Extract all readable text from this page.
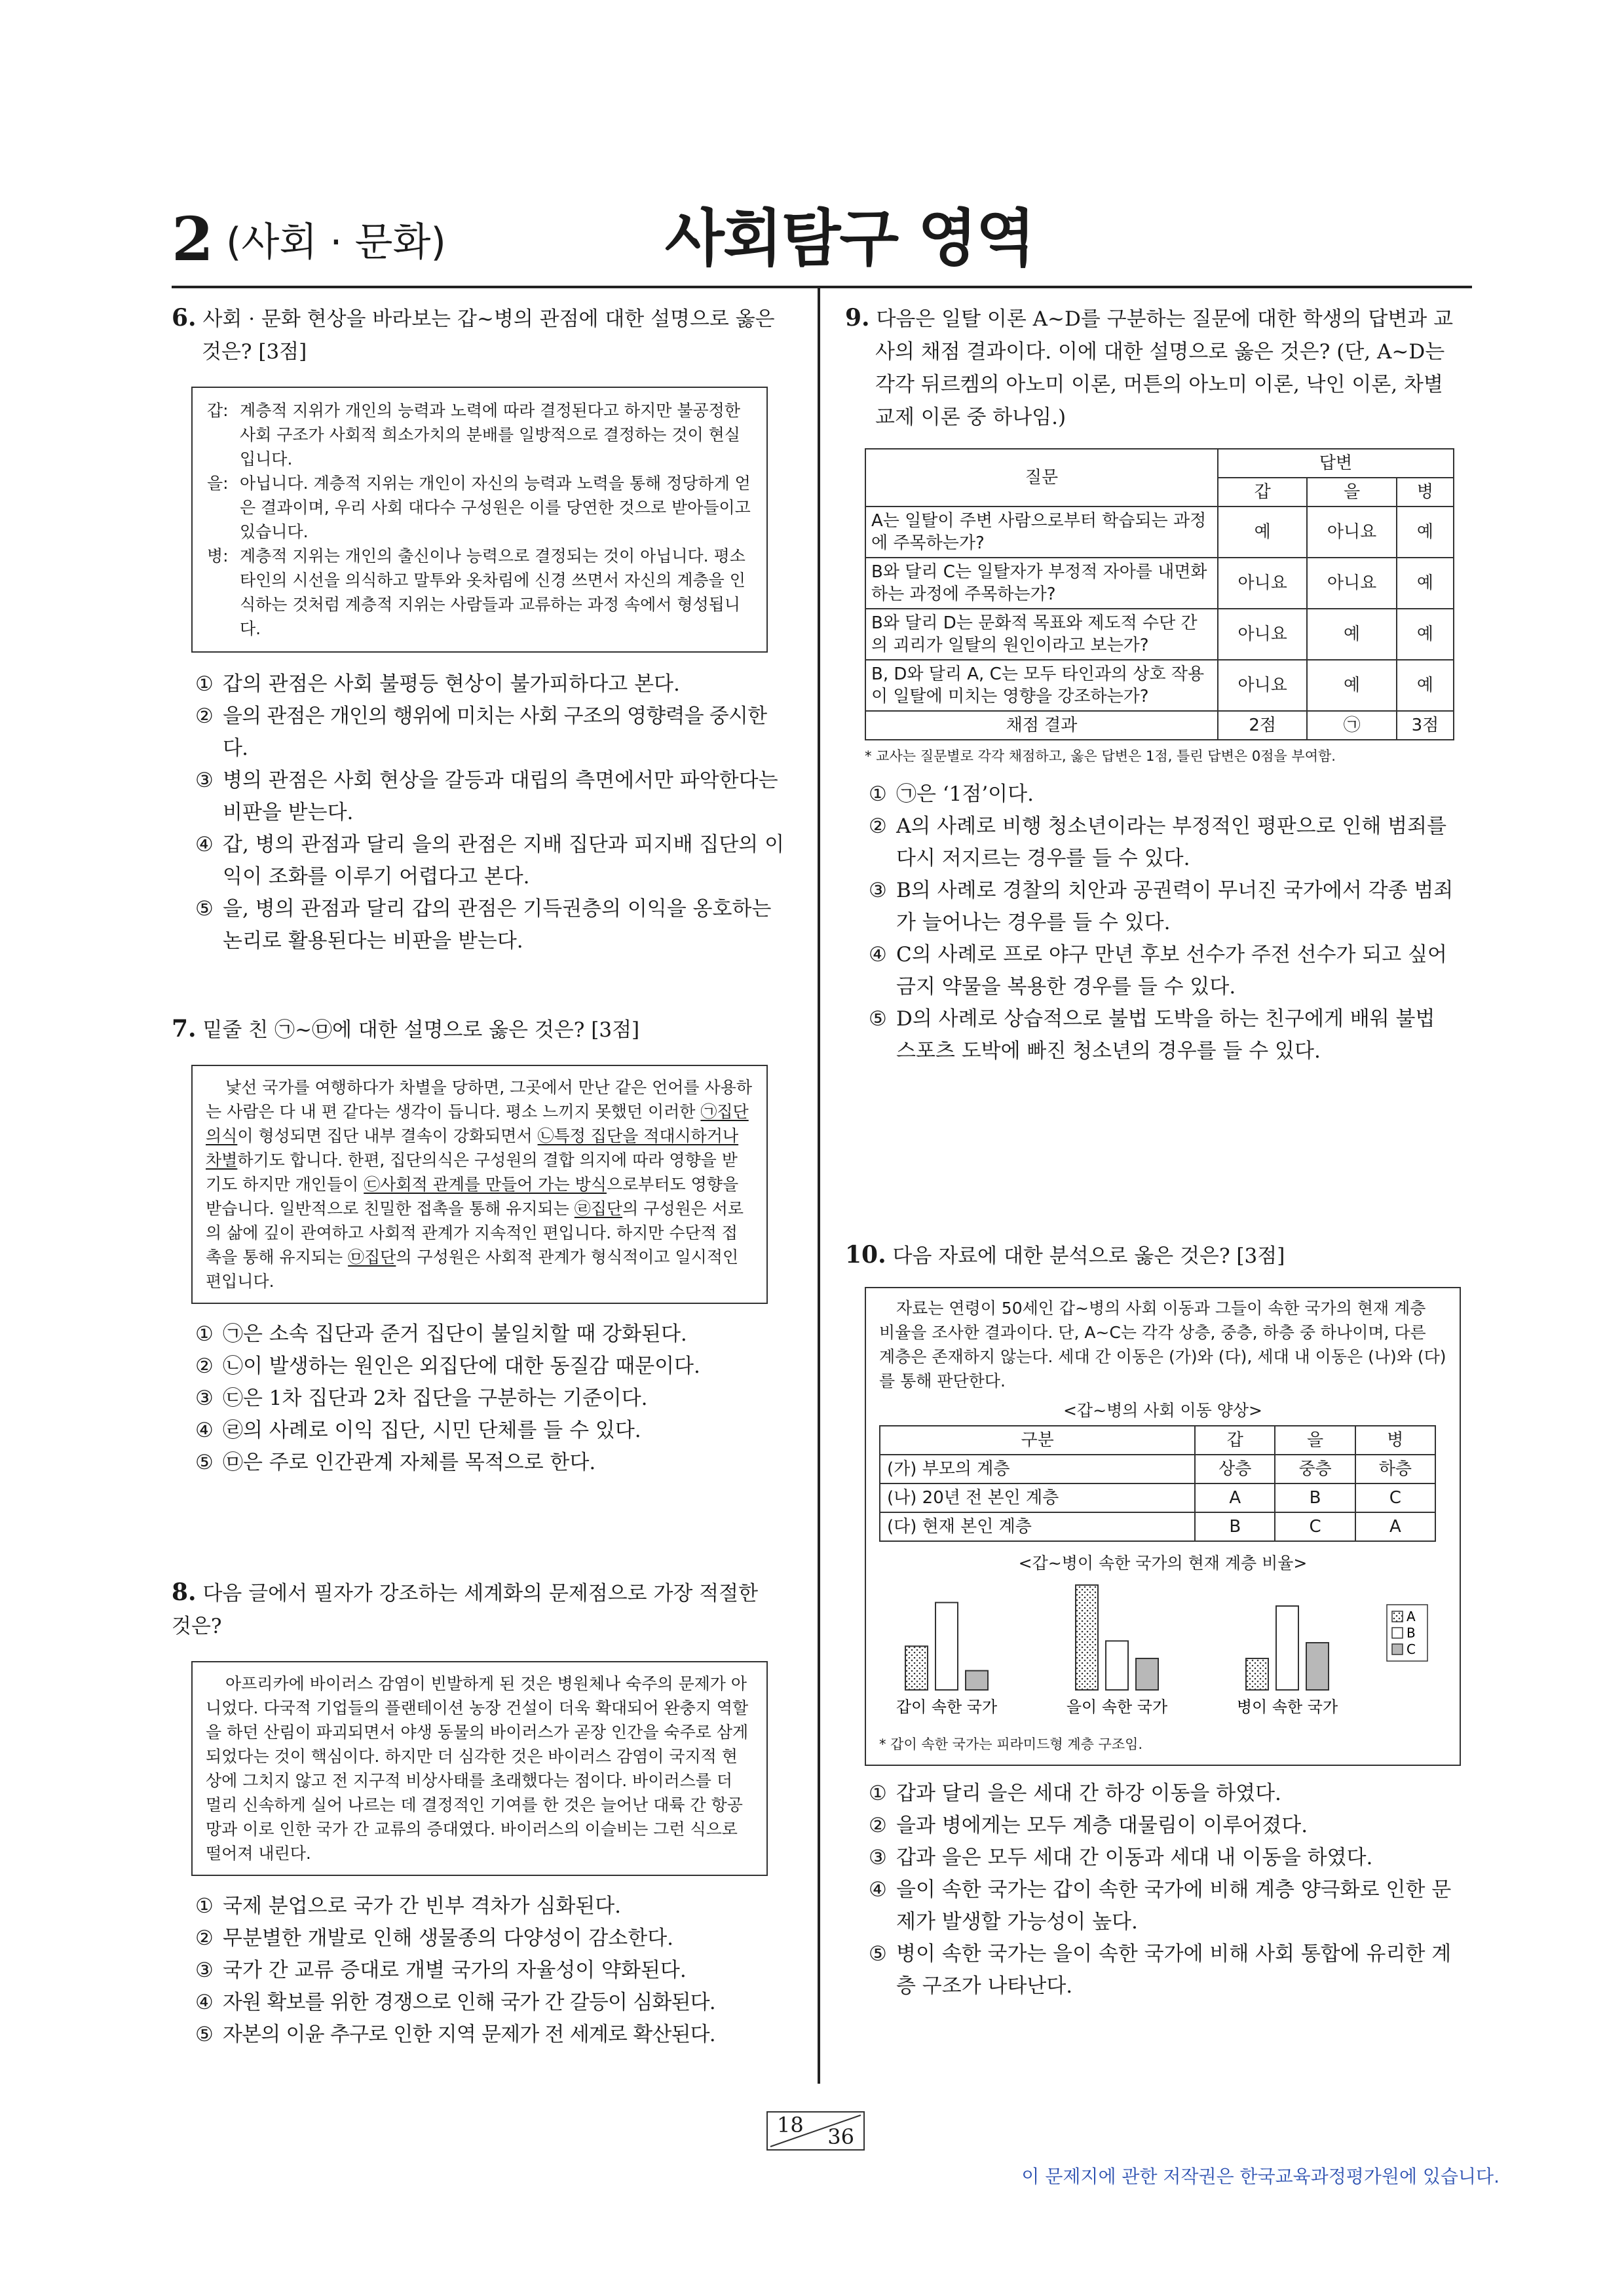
2 (사회 · 문화)	사회탐구 영역
6. 사회 · 문화 현상을 바라보는 갑~병의 관점에 대한 설명으로 옳은
것은? [3점]
갑: 계층적 지위가 개인의 능력과 노력에 따라 결정된다고 하지만 불공정한 사회 구조가 사회적 희소가치의 분배를 일방적으로 결정하는 것이 현실입니다.
을: 아닙니다. 계층적 지위는 개인이 자신의 능력과 노력을 통해 정당하게 얻은 결과이며, 우리 사회 대다수 구성원은 이를 당연한 것으로 받아들이고 있습니다.
병: 계층적 지위는 개인의 출신이나 능력으로 결정되는 것이 아닙니다. 평소 타인의 시선을 의식하고 말투와 옷차림에 신경 쓰면서 자신의 계층을 인식하는 것처럼 계층적 지위는 사람들과 교류하는 과정 속에서 형성됩니다.
① 갑의 관점은 사회 불평등 현상이 불가피하다고 본다.
② 을의 관점은 개인의 행위에 미치는 사회 구조의 영향력을 중시한다.
③ 병의 관점은 사회 현상을 갈등과 대립의 측면에서만 파악한다는 비판을 받는다.
④ 갑, 병의 관점과 달리 을의 관점은 지배 집단과 피지배 집단의 이익이 조화를 이루기 어렵다고 본다.
⑤ 을, 병의 관점과 달리 갑의 관점은 기득권층의 이익을 옹호하는 논리로 활용된다는 비판을 받는다.
7. 밑줄 친 ㉠~㉤에 대한 설명으로 옳은 것은? [3점]
낯선 국가를 여행하다가 차별을 당하면, 그곳에서 만난 같은 언어를 사용하는 사람은 다 내 편 같다는 생각이 듭니다. 평소 느끼지 못했던 이러한 ㉠집단의식이 형성되면 집단 내부 결속이 강화되면서 ㉡특정 집단을 적대시하거나 차별하기도 합니다. 한편, 집단의식은 구성원의 결합 의지에 따라 영향을 받기도 하지만 개인들이 ㉢사회적 관계를 만들어 가는 방식으로부터도 영향을 받습니다. 일반적으로 친밀한 접촉을 통해 유지되는 ㉣집단의 구성원은 서로의 삶에 깊이 관여하고 사회적 관계가 지속적인 편입니다. 하지만 수단적 접촉을 통해 유지되는 ㉤집단의 구성원은 사회적 관계가 형식적이고 일시적인 편입니다.
① ㉠은 소속 집단과 준거 집단이 불일치할 때 강화된다.
② ㉡이 발생하는 원인은 외집단에 대한 동질감 때문이다.
③ ㉢은 1차 집단과 2차 집단을 구분하는 기준이다.
④ ㉣의 사례로 이익 집단, 시민 단체를 들 수 있다.
⑤ ㉤은 주로 인간관계 자체를 목적으로 한다.
8. 다음 글에서 필자가 강조하는 세계화의 문제점으로 가장 적절한
것은?
아프리카에 바이러스 감염이 빈발하게 된 것은 병원체나 숙주의 문제가 아니었다. 다국적 기업들의 플랜테이션 농장 건설이 더욱 확대되어 완충지 역할을 하던 산림이 파괴되면서 야생 동물의 바이러스가 곧장 인간을 숙주로 삼게 되었다는 것이 핵심이다. 하지만 더 심각한 것은 바이러스 감염이 국지적 현상에 그치지 않고 전 지구적 비상사태를 초래했다는 점이다. 바이러스를 더 멀리 신속하게 실어 나르는 데 결정적인 기여를 한 것은 늘어난 대륙 간 항공망과 이로 인한 국가 간 교류의 증대였다. 바이러스의 이슬비는 그런 식으로 떨어져 내린다.
① 국제 분업으로 국가 간 빈부 격차가 심화된다.
② 무분별한 개발로 인해 생물종의 다양성이 감소한다.
③ 국가 간 교류 증대로 개별 국가의 자율성이 약화된다.
④ 자원 확보를 위한 경쟁으로 인해 국가 간 갈등이 심화된다.
⑤ 자본의 이윤 추구로 인한 지역 문제가 전 세계로 확산된다.
9. 다음은 일탈 이론 A~D를 구분하는 질문에 대한 학생의 답변과 교사의 채점 결과이다. 이에 대한 설명으로 옳은 것은? (단, A~D는 각각 뒤르켐의 아노미 이론, 머튼의 아노미 이론, 낙인 이론, 차별 교제 이론 중 하나임.)
질문	답변		
	갑	을	병
A는 일탈이 주변 사람으로부터 학습되는 과정에 주목하는가?	예	아니요	예
B와 달리 C는 일탈자가 부정적 자아를 내면화하는 과정에 주목하는가?	아니요	아니요	예
B와 달리 D는 문화적 목표와 제도적 수단 간의 괴리가 일탈의 원인이라고 보는가?	아니요	예	예
B, D와 달리 A, C는 모두 타인과의 상호 작용이 일탈에 미치는 영향을 강조하는가?	아니요	예	예
채점 결과	2점	㉠	3점
* 교사는 질문별로 각각 채점하고, 옳은 답변은 1점, 틀린 답변은 0점을 부여함.
① ㉠은 ‘1점’이다.
② A의 사례로 비행 청소년이라는 부정적인 평판으로 인해 범죄를 다시 저지르는 경우를 들 수 있다.
③ B의 사례로 경찰의 치안과 공권력이 무너진 국가에서 각종 범죄가 늘어나는 경우를 들 수 있다.
④ C의 사례로 프로 야구 만년 후보 선수가 주전 선수가 되고 싶어 금지 약물을 복용한 경우를 들 수 있다.
⑤ D의 사례로 상습적으로 불법 도박을 하는 친구에게 배워 불법 스포츠 도박에 빠진 청소년의 경우를 들 수 있다.
10. 다음 자료에 대한 분석으로 옳은 것은? [3점]
자료는 연령이 50세인 갑~병의 사회 이동과 그들이 속한 국가의 현재 계층 비율을 조사한 결과이다. 단, A~C는 각각 상층, 중층, 하층 중 하나이며, 다른 계층은 존재하지 않는다. 세대 간 이동은 (가)와 (다), 세대 내 이동은 (나)와 (다)를 통해 판단한다.
<갑~병의 사회 이동 양상>
구분	갑	을	병
(가) 부모의 계층	상층	중층	하층
(나) 20년 전 본인 계층	A	B	C
(다) 현재 본인 계층	B	C	A
<갑~병이 속한 국가의 현재 계층 비율>
갑이 속한 국가	을이 속한 국가	병이 속한 국가
A
B
C
* 갑이 속한 국가는 피라미드형 계층 구조임.
① 갑과 달리 을은 세대 간 하강 이동을 하였다.
② 을과 병에게는 모두 계층 대물림이 이루어졌다.
③ 갑과 을은 모두 세대 간 이동과 세대 내 이동을 하였다.
④ 을이 속한 국가는 갑이 속한 국가에 비해 계층 양극화로 인한 문제가 발생할 가능성이 높다.
⑤ 병이 속한 국가는 을이 속한 국가에 비해 사회 통합에 유리한 계층 구조가 나타난다.
18 36
이 문제지에 관한 저작권은 한국교육과정평가원에 있습니다.
